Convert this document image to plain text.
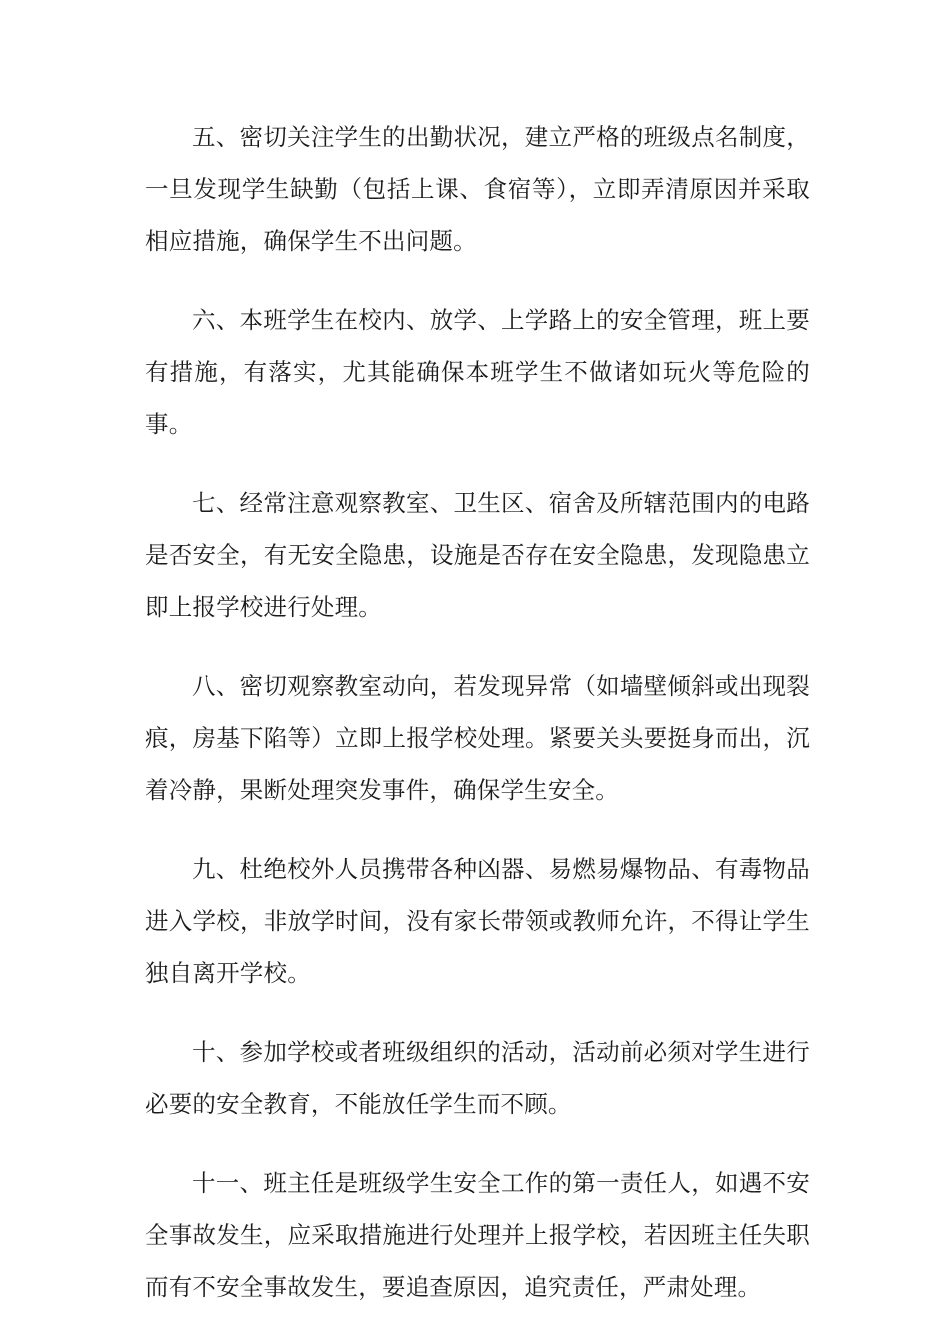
五、密切关注学生的出勤状况，建立严格的班级点名制度，一旦发现学生缺勤（包括上课、食宿等），立即弄清原因并采取相应措施，确保学生不出问题。

六、本班学生在校内、放学、上学路上的安全管理，班上要有措施，有落实，尤其能确保本班学生不做诸如玩火等危险的事。

七、经常注意观察教室、卫生区、宿舍及所辖范围内的电路是否安全，有无安全隐患，设施是否存在安全隐患，发现隐患立即上报学校进行处理。

八、密切观察教室动向，若发现异常（如墙壁倾斜或出现裂痕，房基下陷等）立即上报学校处理。紧要关头要挺身而出，沉着冷静，果断处理突发事件，确保学生安全。

九、杜绝校外人员携带各种凶器、易燃易爆物品、有毒物品进入学校，非放学时间，没有家长带领或教师允许，不得让学生独自离开学校。

十、参加学校或者班级组织的活动，活动前必须对学生进行必要的安全教育，不能放任学生而不顾。

十一、班主任是班级学生安全工作的第一责任人，如遇不安全事故发生，应采取措施进行处理并上报学校，若因班主任失职而有不安全事故发生，要追查原因，追究责任，严肃处理。
